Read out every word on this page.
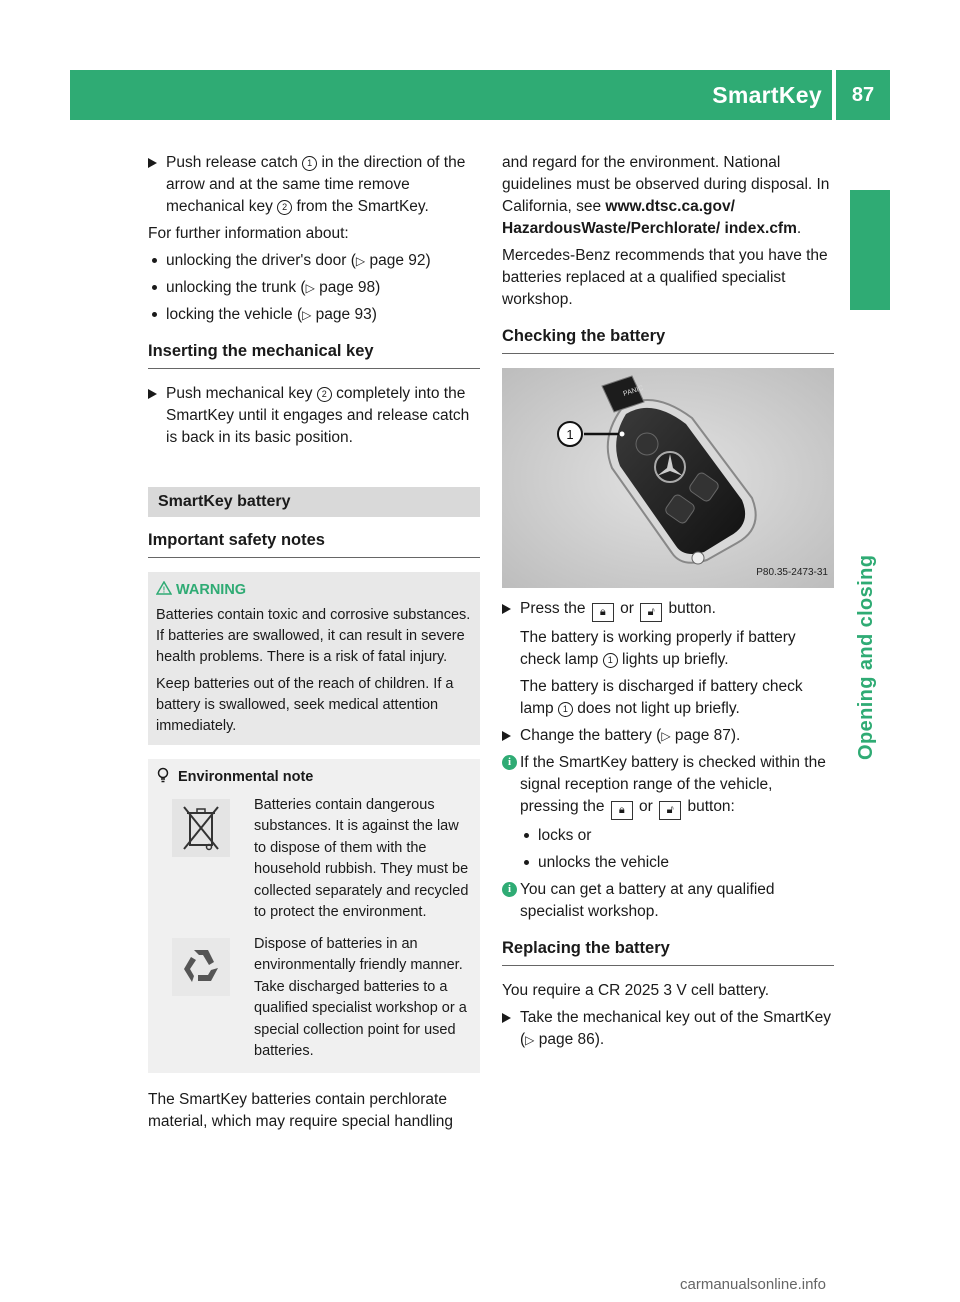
SmartKey	87
Opening and closing
Push release catch 1 in the direction of the arrow and at the same time remove mechanical key 2 from the SmartKey.
For further information about:
unlocking the driver's door (▷ page 92)
unlocking the trunk (▷ page 98)
locking the vehicle (▷ page 93)
Inserting the mechanical key
Push mechanical key 2 completely into the SmartKey until it engages and release catch is back in its basic position.
SmartKey battery
Important safety notes
! WARNING
Batteries contain toxic and corrosive substances. If batteries are swallowed, it can result in severe health problems. There is a risk of fatal injury.
Keep batteries out of the reach of children. If a battery is swallowed, seek medical attention immediately.
Environmental note
Batteries contain dangerous substances. It is against the law to dispose of them with the household rubbish. They must be collected separately and recycled to protect the environment.
Dispose of batteries in an environmentally friendly manner. Take discharged batteries to a qualified specialist workshop or a special collection point for used batteries.
The SmartKey batteries contain perchlorate material, which may require special handling
and regard for the environment. National guidelines must be observed during disposal. In California, see www.dtsc.ca.gov/ HazardousWaste/Perchlorate/ index.cfm.
Mercedes-Benz recommends that you have the batteries replaced at a qualified specialist workshop.
Checking the battery
PANIC
1
P80.35-2473-31
Press the 🔒︎ or 🔓︎ button.
The battery is working properly if battery check lamp 1 lights up briefly.
The battery is discharged if battery check lamp 1 does not light up briefly.
Change the battery (▷ page 87).
i If the SmartKey battery is checked within the signal reception range of the vehicle, pressing the 🔒︎ or 🔓︎ button:
locks or
unlocks the vehicle
i You can get a battery at any qualified specialist workshop.
Replacing the battery
You require a CR 2025 3 V cell battery.
Take the mechanical key out of the SmartKey (▷ page 86).
carmanualsonline.info
